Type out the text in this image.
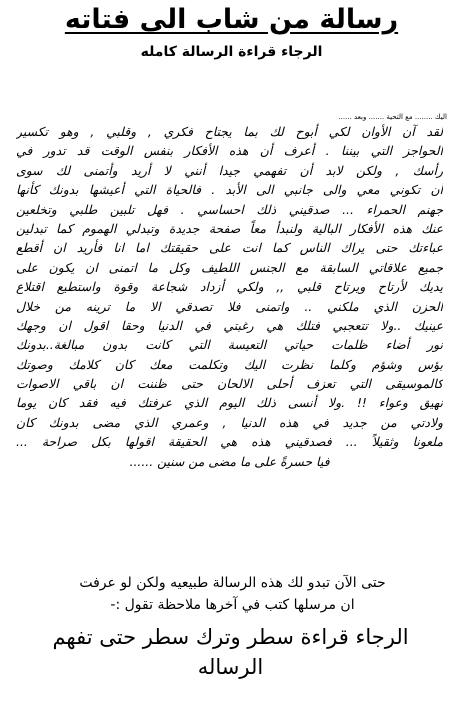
رسالة من شاب الى فتاته
الرجاء قراءة الرسالة كامله
اليك ........ مع التحية ....... وبعد ......
لقد آن الأوان لكي أبوح لك بما يجتاح فكري , وقلبي , وهو تكسير
الحواجز التي بيننا . أعرف أن هذه الأفكار بنفس الوقت قد تدور في
رأسك , ولكن لابد أن تفهمي جيدا أنني لا أريد وأتمنى لك سوى
أن تكوني معي والى جانبي الى الأبد . فالحياة التي أعيشها بدونك كأنها
جهنم الحمراء ... صدقيني ذلك احساسي . فهل تلبين طلبي وتخلعين
عنك هذه الأفكار البالية ولنبدأ معاً صفحة جديدة وتبدلي الهموم كما تبدلين
عباءتك حتى يراك الناس كما انت على حقيقتك اما انا فأريد ان أقطع
جميع علاقاتي السابقة مع الجنس اللطيف وكل ما اتمنى ان يكون على
يديك لأرتاح ويرتاح قلبي ,, ولكي أزداد شجاعة وقوة واستطيع اقتلاع
الحزن الذي ملكني .. واتمنى فلا تصدقي الا ما ترينه من خلال
عينيك ..ولا تتعجبي فتلك هي رغبتي في الدنيا وحقا اقول ان وجهك
نور أضاء ظلمات حياتي التعيسة التي كانت بدون مبالغة..بدونك
بؤس وشؤم وكلما نظرت اليك وتكلمت معك كان كلامك وصوتك
كالموسيقى التي تعزف أحلى الالحان حتى ظننت ان باقي الاصوات
نهيق وعواء !! .ولا أنسى ذلك اليوم الذي عرفتك فيه فقد كان يوما
ولادتي من جديد في هذه الدنيا , وعمري الذي مضى بدونك كان
ملعونا وثقيلاً ... فصدقيني هذه هي الحقيقة اقولها بكل صراحة ...
فيا حسرةً على ما مضى من سنين ......
حتى الآن تبدو لك هذه الرسالة طبيعيه ولكن لو عرفت
ان مرسلها كتب في آخرها ملاحظة تقول :-
الرجاء قراءة سطر وترك سطر حتى تفهم
الرساله
